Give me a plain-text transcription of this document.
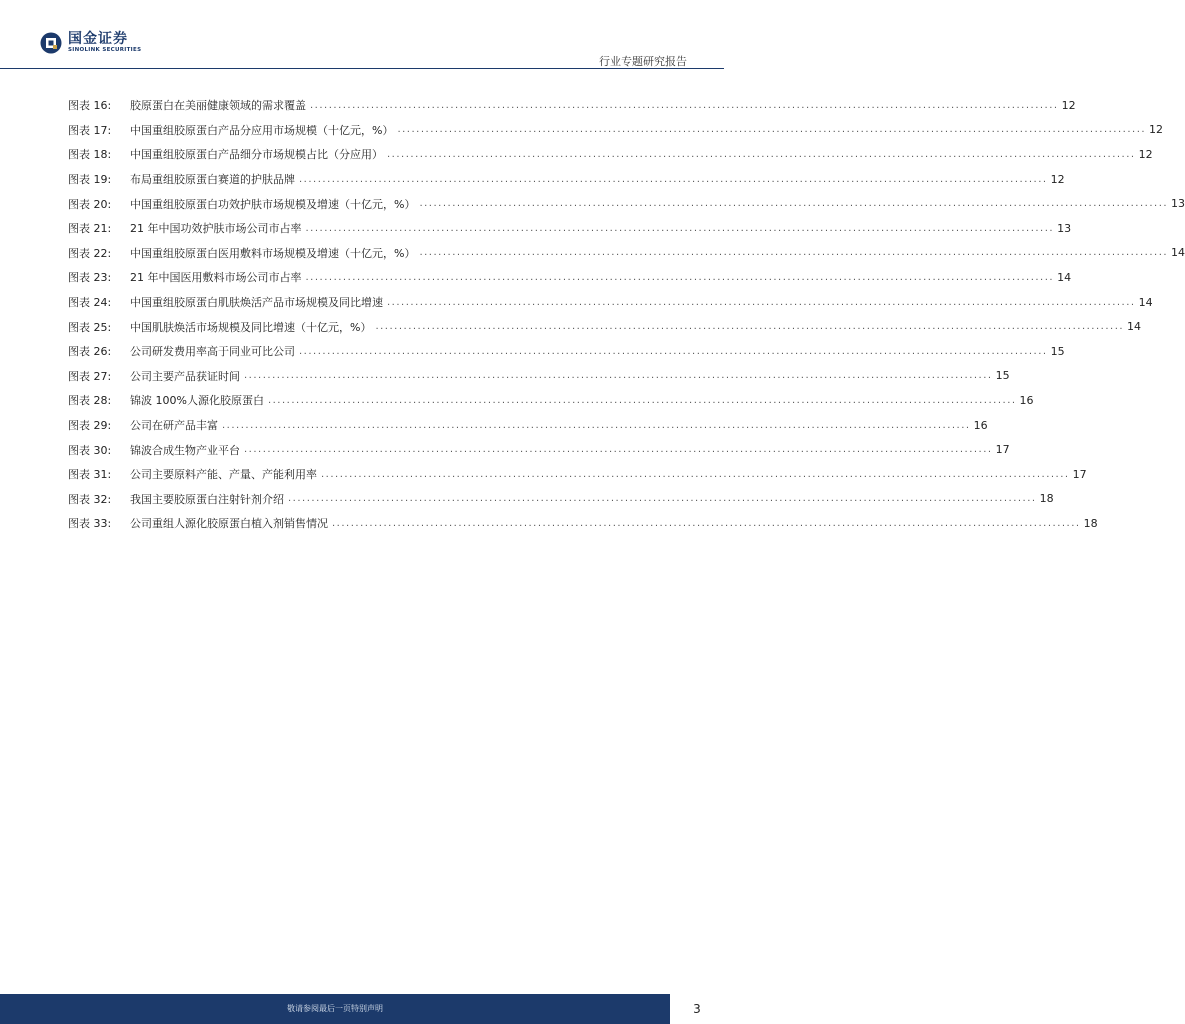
国金证券
SINOLINK SECURITIES
行业专题研究报告
图表 16:	胶原蛋白在美丽健康领域的需求覆盖 ................................................................................................................................................................ 12
图表 17:	中国重组胶原蛋白产品分应用市场规模（十亿元，%） ................................................................................................................................................................ 12
图表 18:	中国重组胶原蛋白产品细分市场规模占比（分应用） ................................................................................................................................................................ 12
图表 19:	布局重组胶原蛋白赛道的护肤品牌 ................................................................................................................................................................ 12
图表 20:	中国重组胶原蛋白功效护肤市场规模及增速（十亿元，%） ................................................................................................................................................................ 13
图表 21:	21 年中国功效护肤市场公司市占率 ................................................................................................................................................................ 13
图表 22:	中国重组胶原蛋白医用敷料市场规模及增速（十亿元，%） ................................................................................................................................................................ 14
图表 23:	21 年中国医用敷料市场公司市占率 ................................................................................................................................................................ 14
图表 24:	中国重组胶原蛋白肌肤焕活产品市场规模及同比增速 ................................................................................................................................................................ 14
图表 25:	中国肌肤焕活市场规模及同比增速（十亿元，%） ................................................................................................................................................................ 14
图表 26:	公司研发费用率高于同业可比公司 ................................................................................................................................................................ 15
图表 27:	公司主要产品获证时间 ................................................................................................................................................................ 15
图表 28:	锦波 100%人源化胶原蛋白 ................................................................................................................................................................ 16
图表 29:	公司在研产品丰富 ................................................................................................................................................................ 16
图表 30:	锦波合成生物产业平台 ................................................................................................................................................................ 17
图表 31:	公司主要原料产能、产量、产能利用率 ................................................................................................................................................................ 17
图表 32:	我国主要胶原蛋白注射针剂介绍 ................................................................................................................................................................ 18
图表 33:	公司重组人源化胶原蛋白植入剂销售情况 ................................................................................................................................................................ 18
敬请参阅最后一页特别声明	3
